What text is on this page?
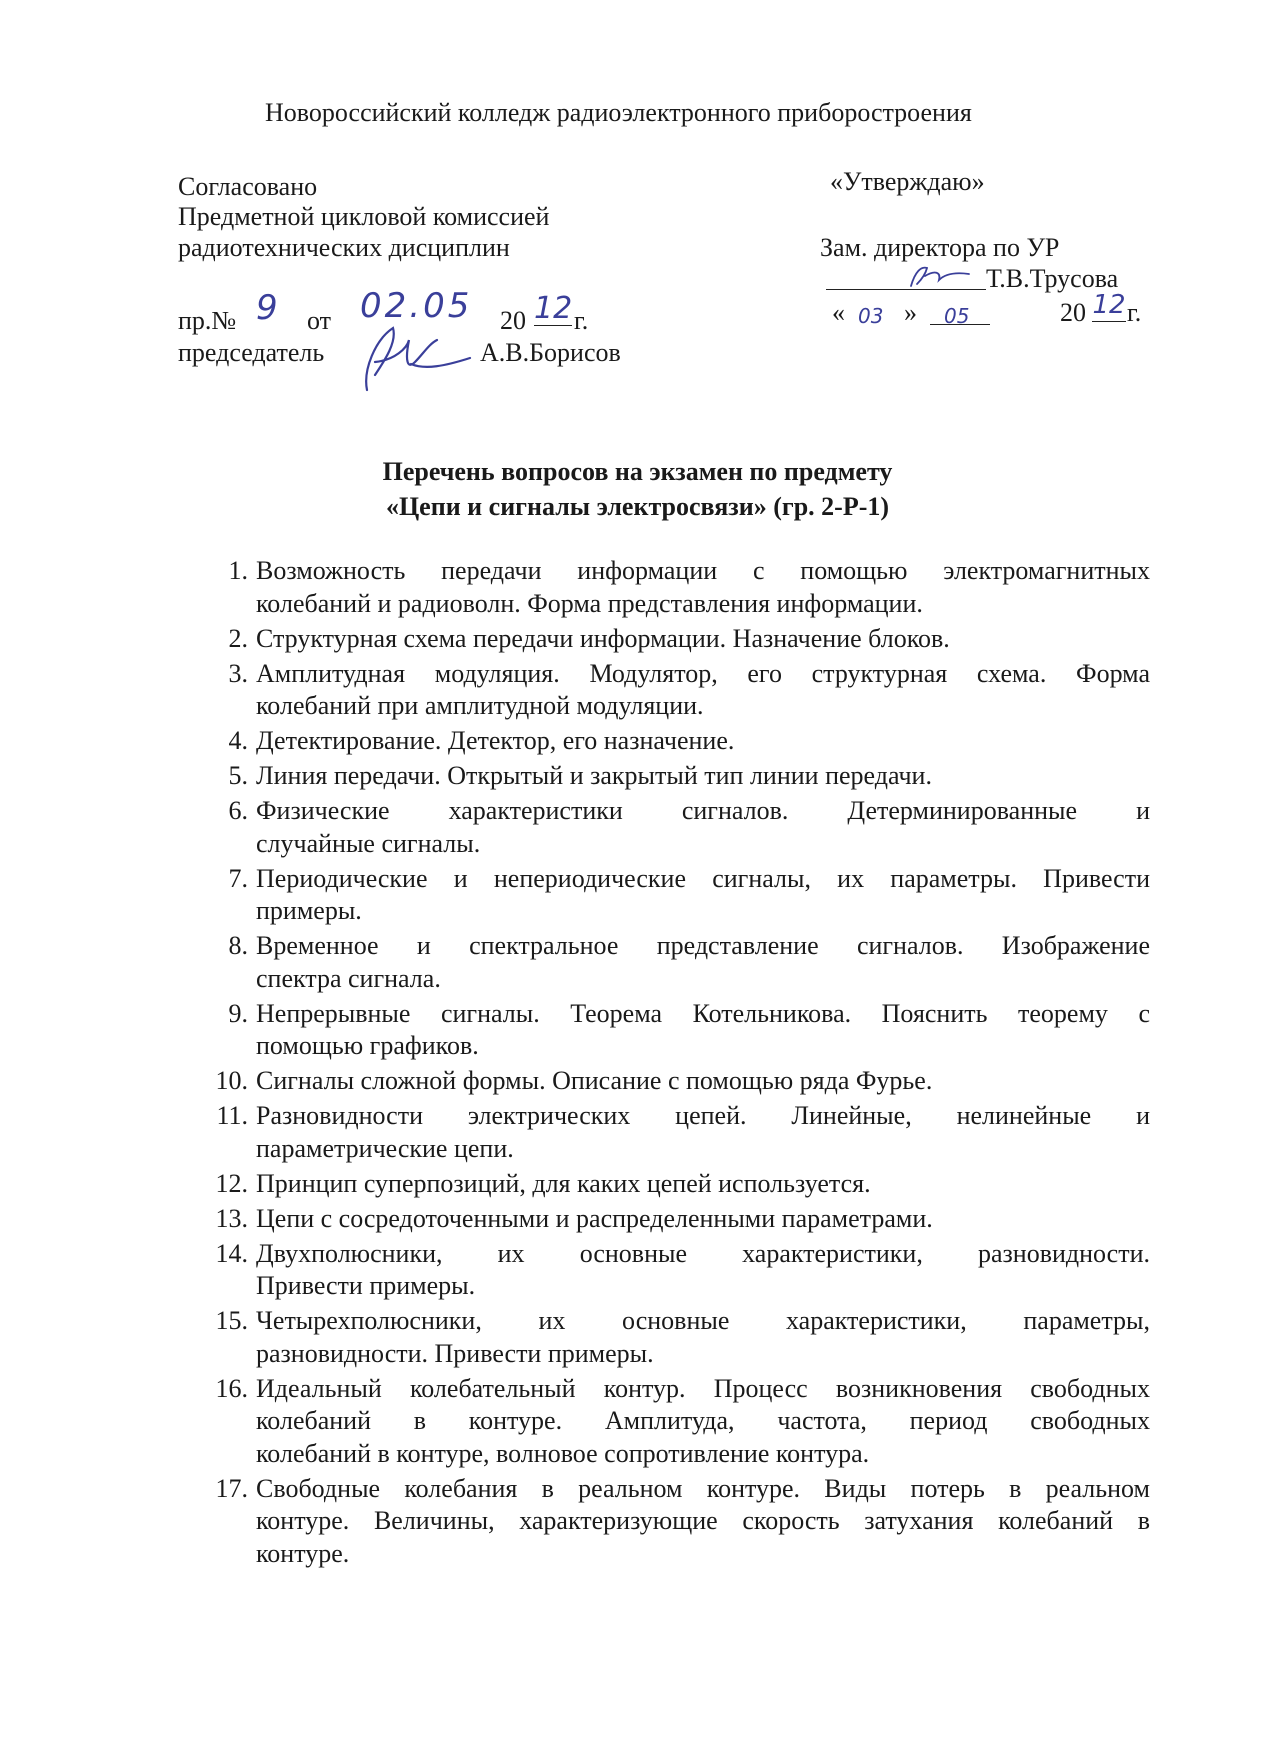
Новороссийский колледж радиоэлектронного приборостроения
Согласовано
Предметной цикловой комиссией
радиотехнических дисциплин
пр.№ 9 от 02.05 20 12 г.
председатель	А.В.Борисов
«Утверждаю»
Зам. директора по УР
Т.В.Трусова
« 03 » 05	20 12 г.
Перечень вопросов на экзамен по предмету
«Цепи и сигналы электросвязи» (гр. 2-Р-1)
1. Возможность передачи информации с помощью электромагнитных
колебаний и радиоволн. Форма представления информации.
2. Структурная схема передачи информации. Назначение блоков.
3. Амплитудная модуляция. Модулятор, его структурная схема. Форма
колебаний при амплитудной модуляции.
4. Детектирование. Детектор, его назначение.
5. Линия передачи. Открытый и закрытый тип линии передачи.
6. Физические характеристики сигналов. Детерминированные и
случайные сигналы.
7. Периодические и непериодические сигналы, их параметры. Привести
примеры.
8. Временное и спектральное представление сигналов. Изображение
спектра сигнала.
9. Непрерывные сигналы. Теорема Котельникова. Пояснить теорему с
помощью графиков.
10. Сигналы сложной формы. Описание с помощью ряда Фурье.
11. Разновидности электрических цепей. Линейные, нелинейные и
параметрические цепи.
12. Принцип суперпозиций, для каких цепей используется.
13. Цепи с сосредоточенными и распределенными параметрами.
14. Двухполюсники, их основные характеристики, разновидности.
Привести примеры.
15. Четырехполюсники, их основные характеристики, параметры,
разновидности. Привести примеры.
16. Идеальный колебательный контур. Процесс возникновения свободных
колебаний в контуре. Амплитуда, частота, период свободных
колебаний в контуре, волновое сопротивление контура.
17. Свободные колебания в реальном контуре. Виды потерь в реальном
контуре. Величины, характеризующие скорость затухания колебаний в
контуре.
